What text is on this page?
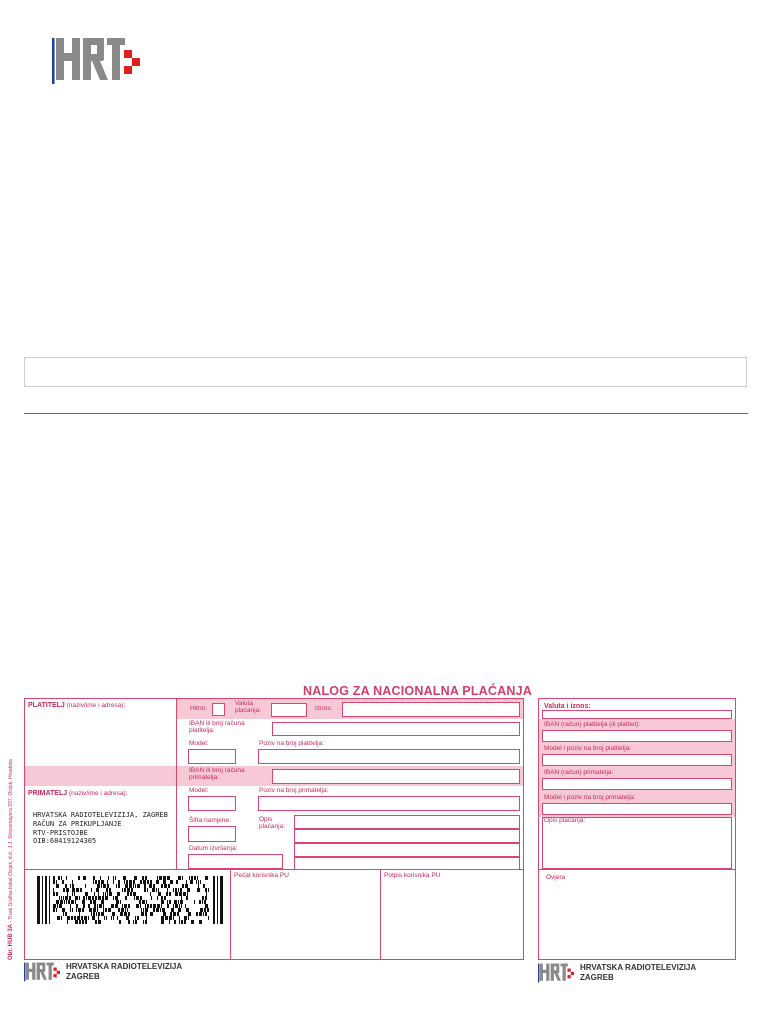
NALOG ZA NACIONALNA PLAĆANJA
Obr. HUB 3A - Tisak Grafika tiskat Osijek, d.d., J.J. Strossmayera 337, Osijek, Hrvatska
PLATITELJ (naziv/ime i adresa):	Hitno:
Valuta plaćanja:	Iznos:
IBAN ili broj računa platitelja:
Model:	Poziv na broj platitelja:
IBAN ili broj računa primatelja:
Model:	Poziv na broj primatelja:
PRIMATELJ (naziv/ime i adresa):
HRVATSKA RADIOTELEVIZIJA, ZAGREB
RAČUN ZA PRIKUPLJANJE
RTV-PRISTOJBE
OIB:68419124305
Šifra namjene:	Opis plaćanja:
Datum izvršenja:
Pečat korisnika PU	Potpis korisnika PU
HRVATSKA RADIOTELEVIZIJA
ZAGREB
Valuta i iznos:
IBAN (račun) platitelja (ili platitel):
Model i poziv na broj platitelja:
IBAN (račun) primatelja:
Model i poziv na broj primatelja:
Opis plaćanja:
Ovjera
HRVATSKA RADIOTELEVIZIJA
ZAGREB
